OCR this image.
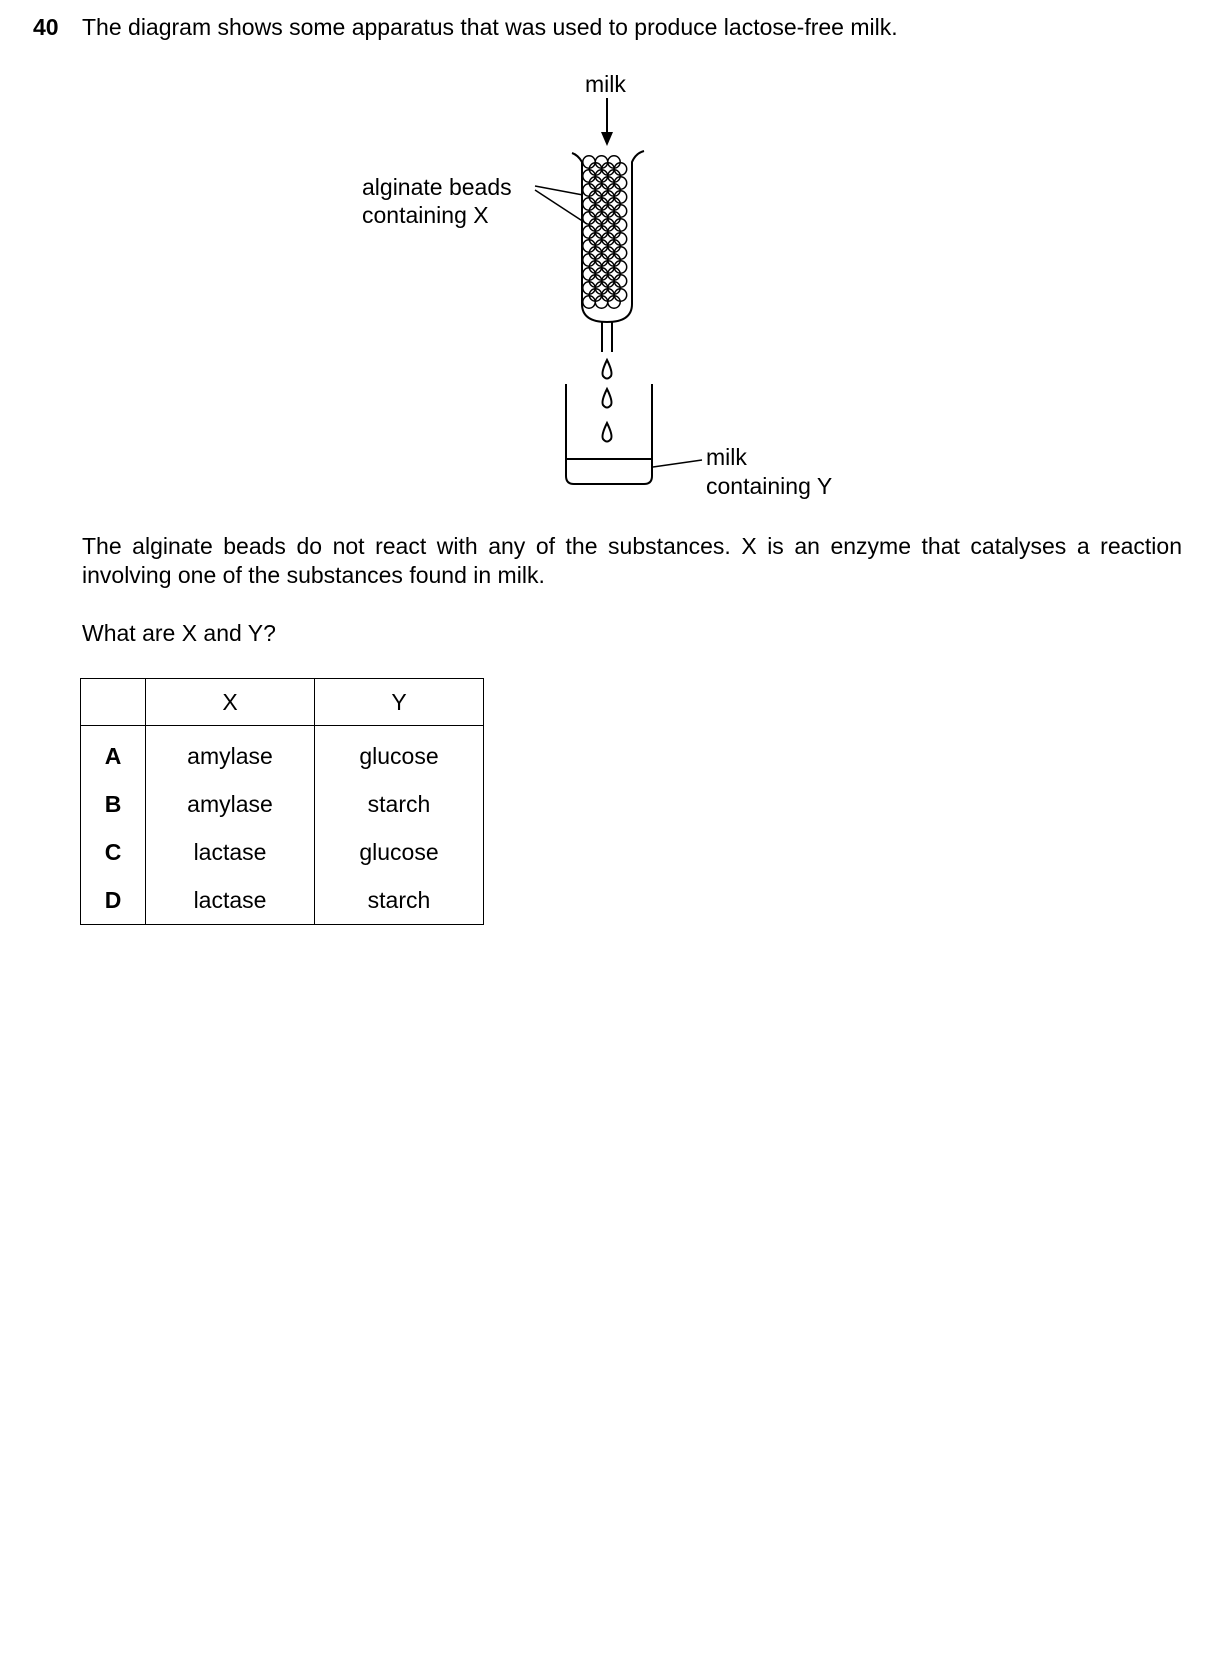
40 The diagram shows some apparatus that was used to produce lactose-free milk.
milk
alginate beads
containing X
milk
containing Y
The alginate beads do not react with any of the substances. X is an enzyme that catalyses a reaction involving one of the substances found in milk.
What are X and Y?
	X	Y
A	amylase	glucose
B	amylase	starch
C	lactase	glucose
D	lactase	starch
